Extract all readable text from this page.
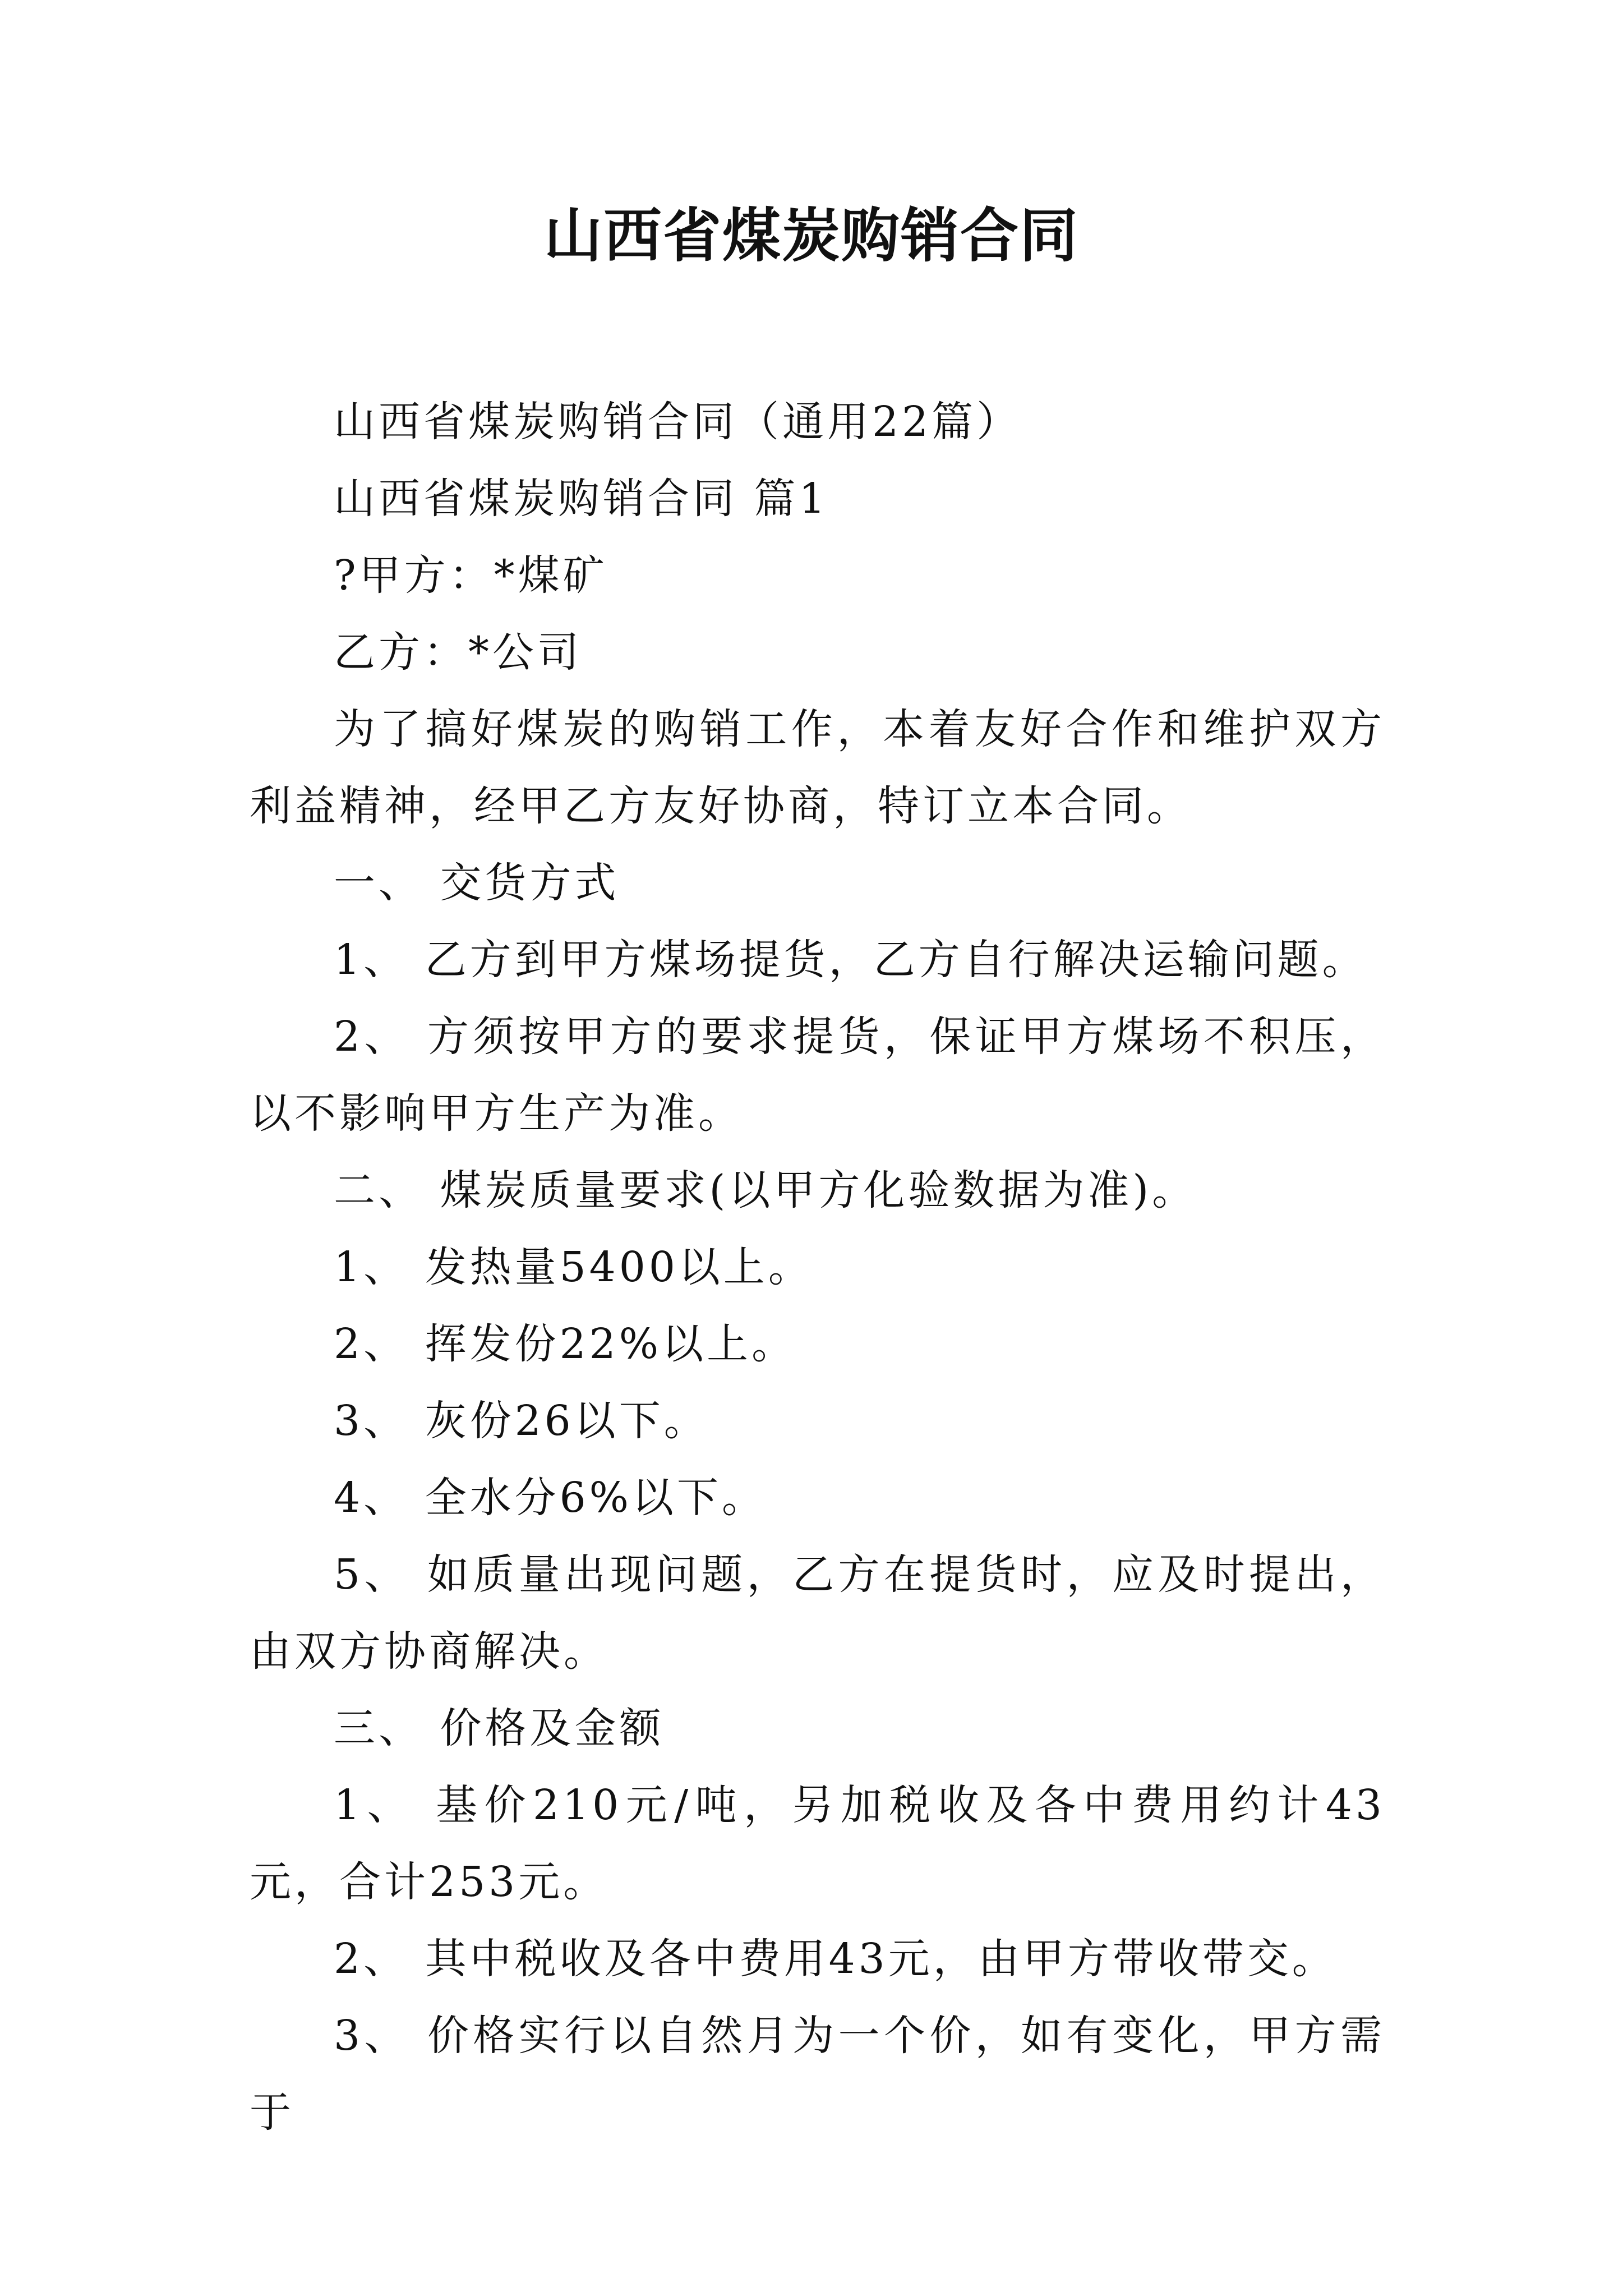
山西省煤炭购销合同

山西省煤炭购销合同（通用22篇）

山西省煤炭购销合同 篇1

?甲方：*煤矿

乙方：*公司

为了搞好煤炭的购销工作，本着友好合作和维护双方利益精神，经甲乙方友好协商，特订立本合同。

一、 交货方式

1、 乙方到甲方煤场提货，乙方自行解决运输问题。

2、 方须按甲方的要求提货，保证甲方煤场不积压，以不影响甲方生产为准。

二、 煤炭质量要求(以甲方化验数据为准)。

1、 发热量5400以上。

2、 挥发份22%以上。

3、 灰份26以下。

4、 全水分6%以下。

5、 如质量出现问题，乙方在提货时，应及时提出，由双方协商解决。

三、 价格及金额

1、 基价210元/吨，另加税收及各中费用约计43元，合计253元。

2、 其中税收及各中费用43元，由甲方带收带交。

3、 价格实行以自然月为一个价，如有变化，甲方需于
